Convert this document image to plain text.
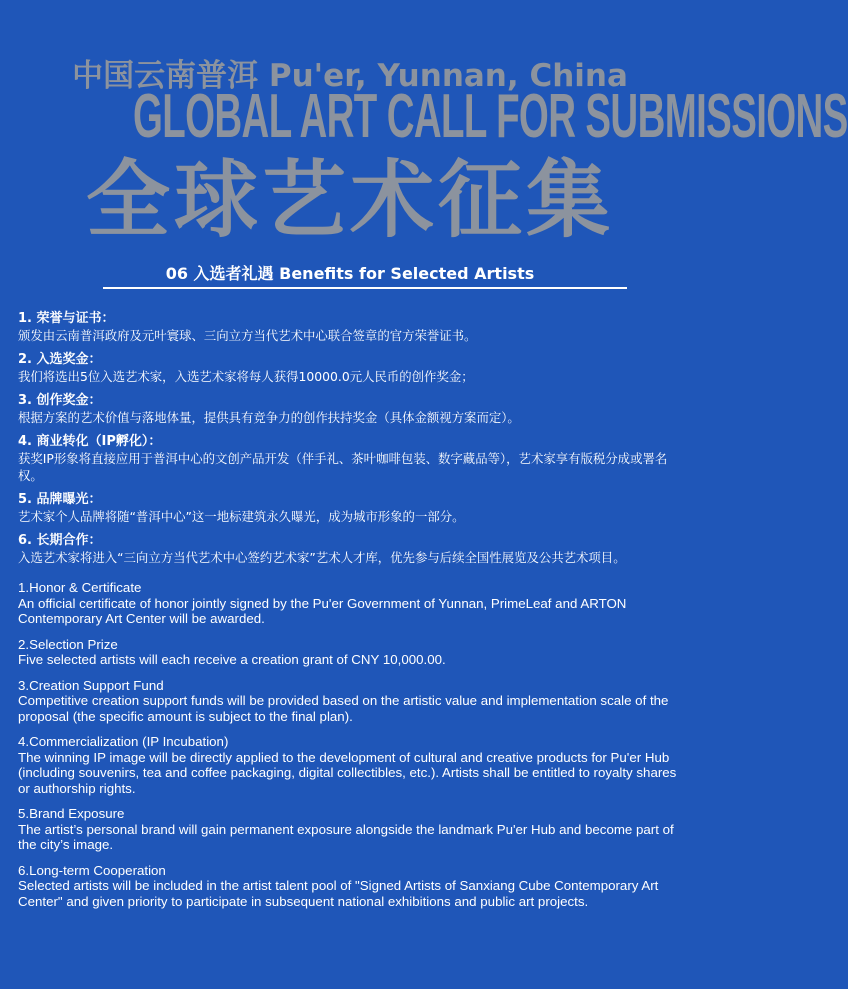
中国云南普洱 Pu'er, Yunnan, China
GLOBAL ART CALL FOR SUBMISSIONS
全球艺术征集
06 入选者礼遇 Benefits for Selected Artists
1. 荣誉与证书：
颁发由云南普洱政府及元叶寰球、三向立方当代艺术中心联合签章的官方荣誉证书。
2. 入选奖金：
我们将选出5位入选艺术家，入选艺术家将每人获得10000.0元人民币的创作奖金；
3. 创作奖金：
根据方案的艺术价值与落地体量，提供具有竞争力的创作扶持奖金（具体金额视方案而定）。
4. 商业转化（IP孵化）：
获奖IP形象将直接应用于普洱中心的文创产品开发（伴手礼、茶叶咖啡包装、数字藏品等），艺术家享有版税分成或署名权。
5. 品牌曝光：
艺术家个人品牌将随“普洱中心”这一地标建筑永久曝光，成为城市形象的一部分。
6. 长期合作：
入选艺术家将进入“三向立方当代艺术中心签约艺术家”艺术人才库，优先参与后续全国性展览及公共艺术项目。
1.Honor & Certificate
An official certificate of honor jointly signed by the Pu'er Government of Yunnan, PrimeLeaf and ARTON Contemporary Art Center will be awarded.
2.Selection Prize
Five selected artists will each receive a creation grant of CNY 10,000.00.
3.Creation Support Fund
Competitive creation support funds will be provided based on the artistic value and implementation scale of the proposal (the specific amount is subject to the final plan).
4.Commercialization (IP Incubation)
The winning IP image will be directly applied to the development of cultural and creative products for Pu'er Hub (including souvenirs, tea and coffee packaging, digital collectibles, etc.). Artists shall be entitled to royalty shares or authorship rights.
5.Brand Exposure
The artist’s personal brand will gain permanent exposure alongside the landmark Pu'er Hub and become part of the city’s image.
6.Long-term Cooperation
Selected artists will be included in the artist talent pool of "Signed Artists of Sanxiang Cube Contemporary Art Center" and given priority to participate in subsequent national exhibitions and public art projects.
